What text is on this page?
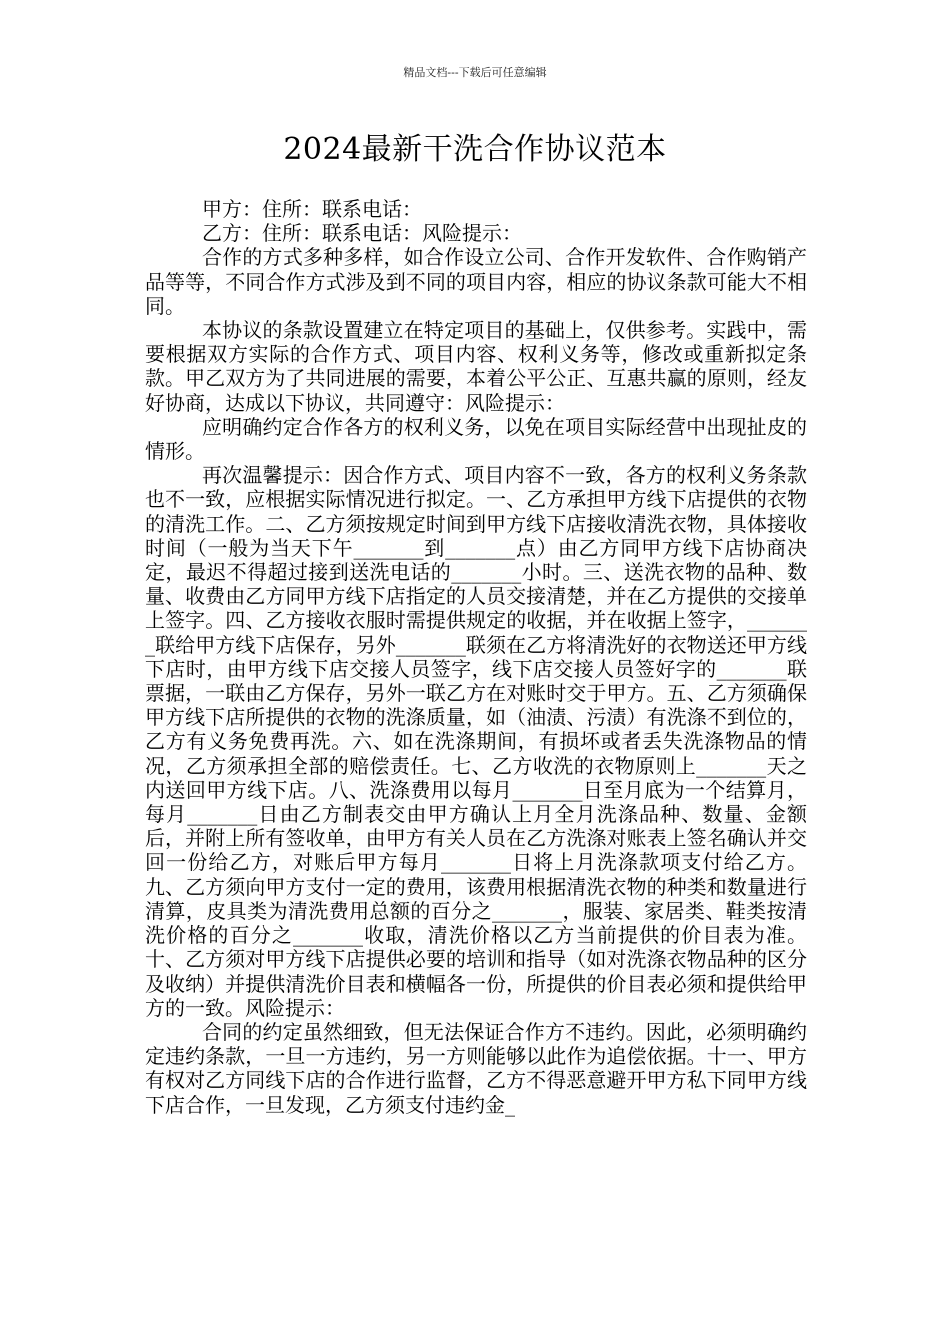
精品文档---下载后可任意编辑
2024最新干洗合作协议范本

甲方：住所：联系电话：

乙方：住所：联系电话：风险提示：

合作的方式多种多样，如合作设立公司、合作开发软件、合作购销产品等等，不同合作方式涉及到不同的项目内容，相应的协议条款可能大不相同。

本协议的条款设置建立在特定项目的基础上，仅供参考。实践中，需要根据双方实际的合作方式、项目内容、权利义务等，修改或重新拟定条款。甲乙双方为了共同进展的需要，本着公平公正、互惠共赢的原则，经友好协商，达成以下协议，共同遵守：风险提示：

应明确约定合作各方的权利义务，以免在项目实际经营中出现扯皮的情形。

再次温馨提示：因合作方式、项目内容不一致，各方的权利义务条款也不一致，应根据实际情况进行拟定。一、乙方承担甲方线下店提供的衣物的清洗工作。二、乙方须按规定时间到甲方线下店接收清洗衣物，具体接收时间（一般为当天下午_______到_______点）由乙方同甲方线下店协商决定，最迟不得超过接到送洗电话的_______小时。三、送洗衣物的品种、数量、收费由乙方同甲方线下店指定的人员交接清楚，并在乙方提供的交接单上签字。四、乙方接收衣服时需提供规定的收据，并在收据上签字，_______联给甲方线下店保存，另外_______联须在乙方将清洗好的衣物送还甲方线下店时，由甲方线下店交接人员签字，线下店交接人员签好字的_______联票据，一联由乙方保存，另外一联乙方在对账时交于甲方。五、乙方须确保甲方线下店所提供的衣物的洗涤质量，如（油渍、污渍）有洗涤不到位的，乙方有义务免费再洗。六、如在洗涤期间，有损坏或者丢失洗涤物品的情况，乙方须承担全部的赔偿责任。七、乙方收洗的衣物原则上_______天之内送回甲方线下店。八、洗涤费用以每月_______日至月底为一个结算月，每月_______日由乙方制表交由甲方确认上月全月洗涤品种、数量、金额后，并附上所有签收单，由甲方有关人员在乙方洗涤对账表上签名确认并交回一份给乙方，对账后甲方每月_______日将上月洗涤款项支付给乙方。九、乙方须向甲方支付一定的费用，该费用根据清洗衣物的种类和数量进行清算，皮具类为清洗费用总额的百分之_______，服装、家居类、鞋类按清洗价格的百分之_______收取，清洗价格以乙方当前提供的价目表为准。十、乙方须对甲方线下店提供必要的培训和指导（如对洗涤衣物品种的区分及收纳）并提供清洗价目表和横幅各一份，所提供的价目表必须和提供给甲方的一致。风险提示：

合同的约定虽然细致，但无法保证合作方不违约。因此，必须明确约定违约条款，一旦一方违约，另一方则能够以此作为追偿依据。十一、甲方有权对乙方同线下店的合作进行监督，乙方不得恶意避开甲方私下同甲方线下店合作，一旦发现，乙方须支付违约金_
